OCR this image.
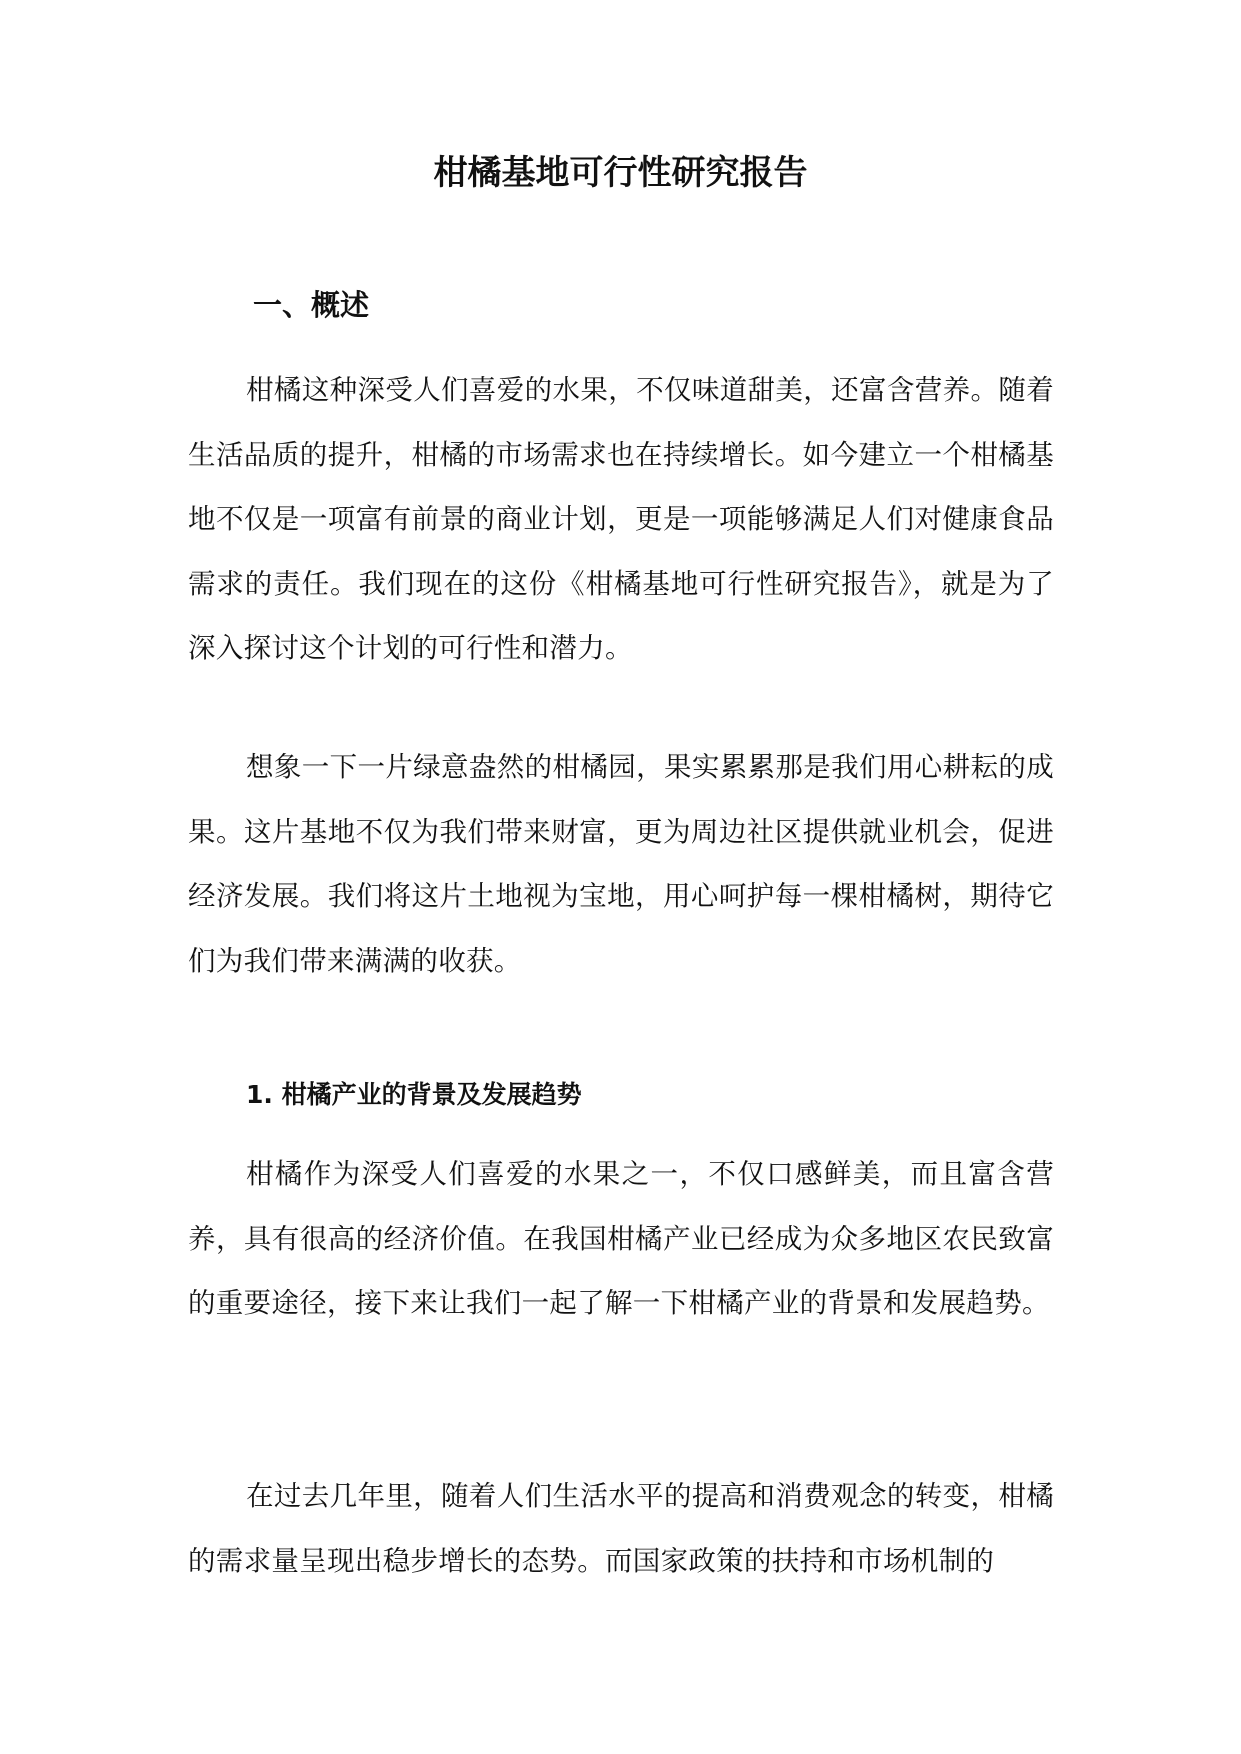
柑橘基地可行性研究报告
一、概述

柑橘这种深受人们喜爱的水果，不仅味道甜美，还富含营养。随着生活品质的提升，柑橘的市场需求也在持续增长。如今建立一个柑橘基地不仅是一项富有前景的商业计划，更是一项能够满足人们对健康食品需求的责任。我们现在的这份《柑橘基地可行性研究报告》，就是为了深入探讨这个计划的可行性和潜力。

想象一下一片绿意盎然的柑橘园，果实累累那是我们用心耕耘的成果。这片基地不仅为我们带来财富，更为周边社区提供就业机会，促进经济发展。我们将这片土地视为宝地，用心呵护每一棵柑橘树，期待它们为我们带来满满的收获。

1. 柑橘产业的背景及发展趋势

柑橘作为深受人们喜爱的水果之一，不仅口感鲜美，而且富含营养，具有很高的经济价值。在我国柑橘产业已经成为众多地区农民致富的重要途径，接下来让我们一起了解一下柑橘产业的背景和发展趋势。

在过去几年里，随着人们生活水平的提高和消费观念的转变，柑橘的需求量呈现出稳步增长的态势。而国家政策的扶持和市场机制的
